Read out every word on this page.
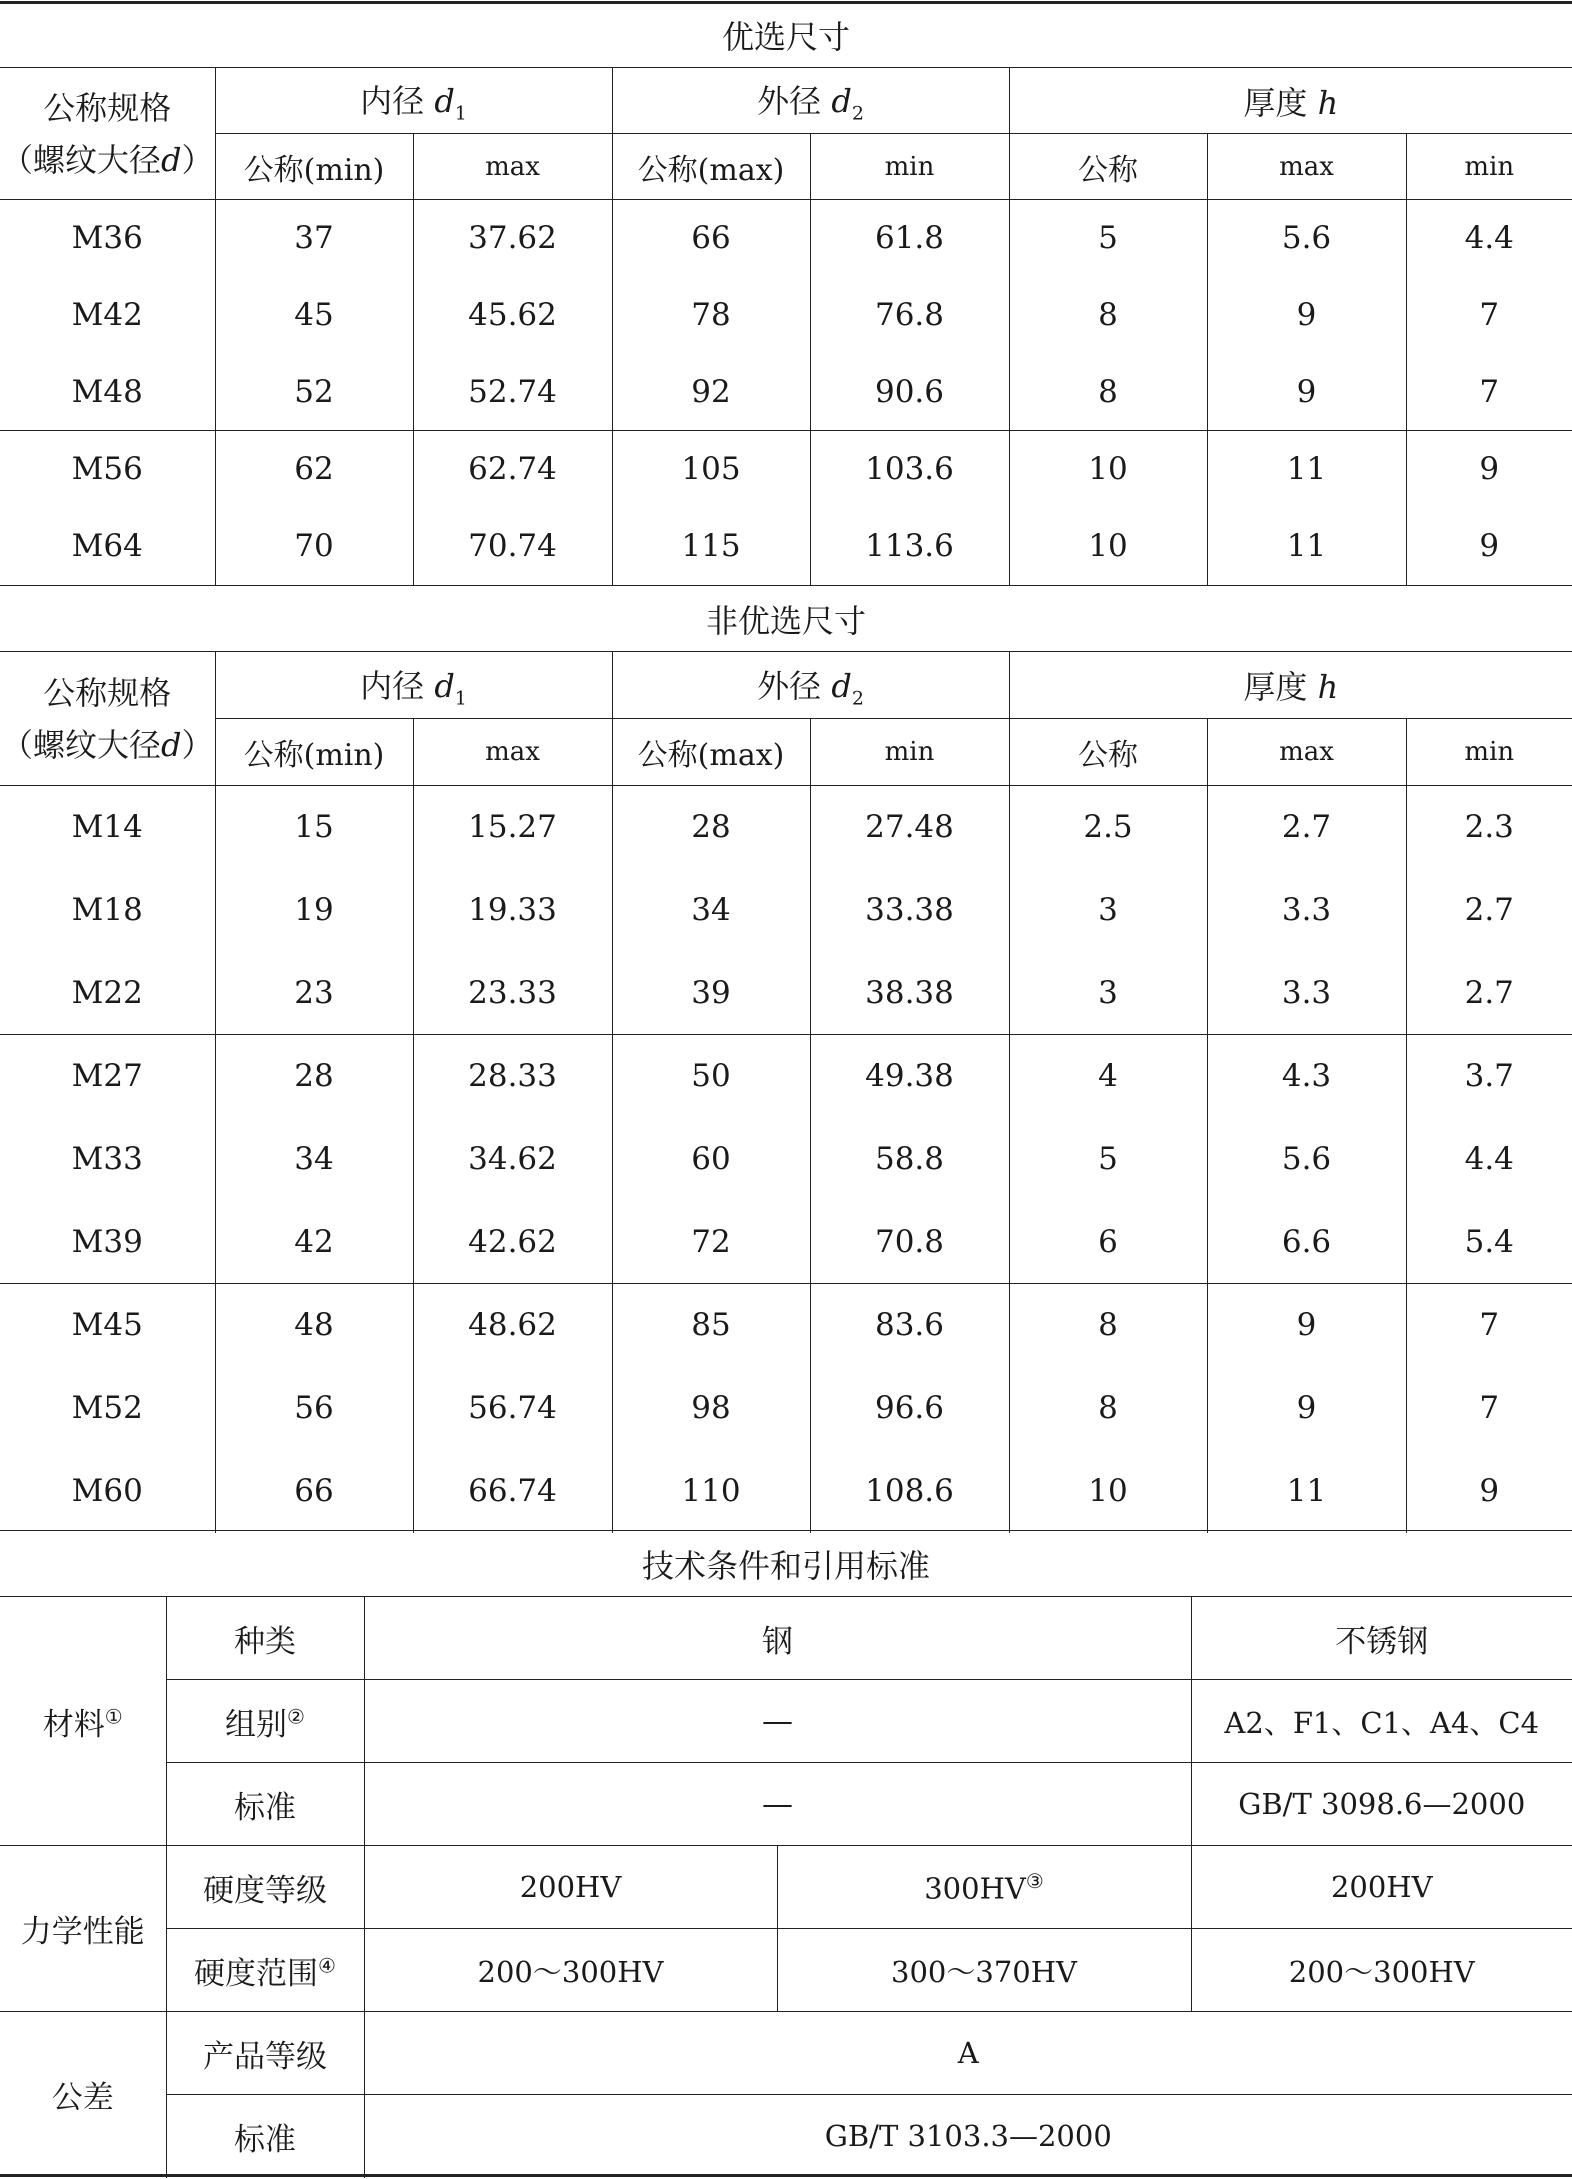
优选尺寸
公称规格
（螺纹大径d）	内径 $d_1$		外径 $d_2$		厚度 h		
	公称(min)	max	公称(max)	min	公称	max	min
M36	37	37.62	66	61.8	5	5.6	4.4
M42	45	45.62	78	76.8	8	9	7
M48	52	52.74	92	90.6	8	9	7
M56	62	62.74	105	103.6	10	11	9
M64	70	70.74	115	113.6	10	11	9
非优选尺寸
公称规格
（螺纹大径d）	内径 $d_1$		外径 $d_2$		厚度 h		
	公称(min)	max	公称(max)	min	公称	max	min
M14	15	15.27	28	27.48	2.5	2.7	2.3
M18	19	19.33	34	33.38	3	3.3	2.7
M22	23	23.33	39	38.38	3	3.3	2.7
M27	28	28.33	50	49.38	4	4.3	3.7
M33	34	34.62	60	58.8	5	5.6	4.4
M39	42	42.62	72	70.8	6	6.6	5.4
M45	48	48.62	85	83.6	8	9	7
M52	56	56.74	98	96.6	8	9	7
M60	66	66.74	110	108.6	10	11	9
技术条件和引用标准
材料①	种类	钢		不锈钢
	组别②	—		A2、F1、C1、A4、C4
	标准	—		GB/T 3098.6—2000
力学性能	硬度等级	200HV	300HV③	200HV
	硬度范围④	200～300HV	300～370HV	200～300HV
公差	产品等级	A		
	标准	GB/T 3103.3—2000		
